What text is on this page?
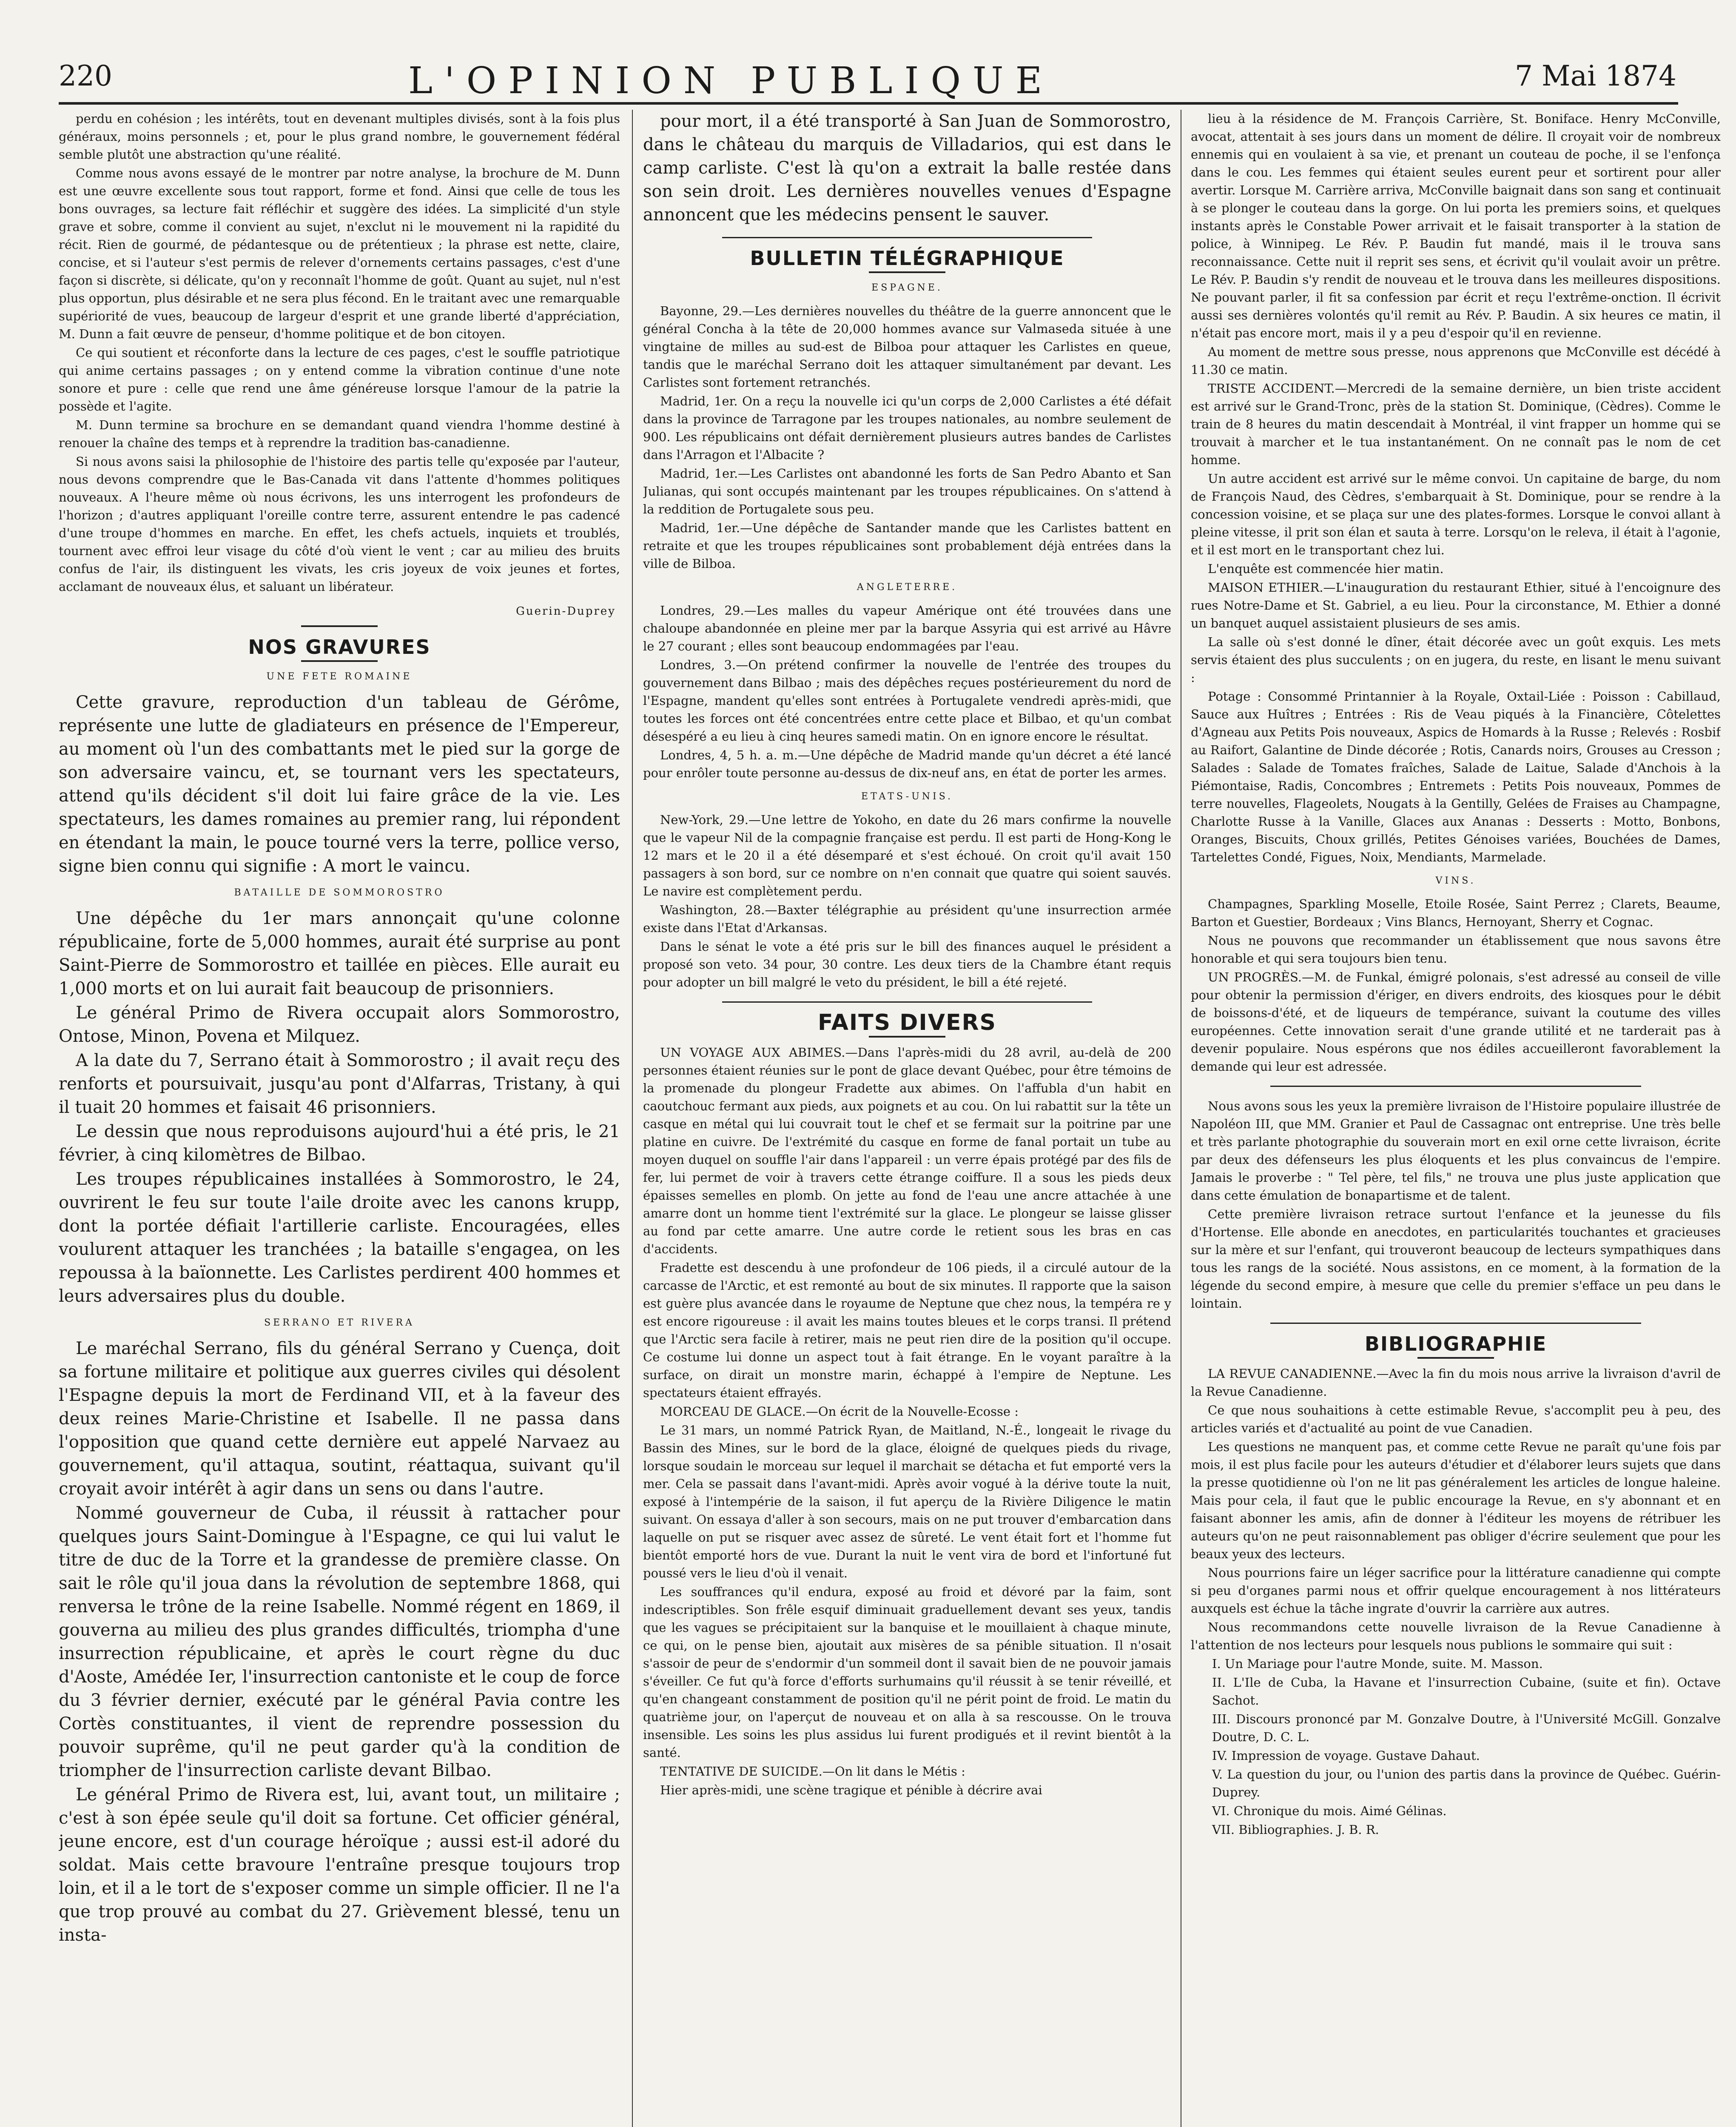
220	L'OPINION PUBLIQUE	7 Mai 1874

perdu en cohésion ; les intérêts, tout en devenant multiples divisés, sont à la fois plus généraux, moins personnels ; et, pour le plus grand nombre, le gouvernement fédéral semble plutôt une abstraction qu'une réalité.

Comme nous avons essayé de le montrer par notre analyse, la brochure de M. Dunn est une œuvre excellente sous tout rapport, forme et fond. Ainsi que celle de tous les bons ouvrages, sa lecture fait réfléchir et suggère des idées. La simplicité d'un style grave et sobre, comme il convient au sujet, n'exclut ni le mouvement ni la rapidité du récit. Rien de gourmé, de pédantesque ou de prétentieux ; la phrase est nette, claire, concise, et si l'auteur s'est permis de relever d'ornements certains passages, c'est d'une façon si discrète, si délicate, qu'on y reconnaît l'homme de goût. Quant au sujet, nul n'est plus opportun, plus désirable et ne sera plus fécond. En le traitant avec une remarquable supériorité de vues, beaucoup de largeur d'esprit et une grande liberté d'appréciation, M. Dunn a fait œuvre de penseur, d'homme politique et de bon citoyen.

Ce qui soutient et réconforte dans la lecture de ces pages, c'est le souffle patriotique qui anime certains passages ; on y entend comme la vibration continue d'une note sonore et pure : celle que rend une âme généreuse lorsque l'amour de la patrie la possède et l'agite.

M. Dunn termine sa brochure en se demandant quand viendra l'homme destiné à renouer la chaîne des temps et à reprendre la tradition bas-canadienne.

Si nous avons saisi la philosophie de l'histoire des partis telle qu'exposée par l'auteur, nous devons comprendre que le Bas-Canada vit dans l'attente d'hommes politiques nouveaux. A l'heure même où nous écrivons, les uns interrogent les profondeurs de l'horizon ; d'autres appliquant l'oreille contre terre, assurent entendre le pas cadencé d'une troupe d'hommes en marche. En effet, les chefs actuels, inquiets et troublés, tournent avec effroi leur visage du côté d'où vient le vent ; car au milieu des bruits confus de l'air, ils distinguent les vivats, les cris joyeux de voix jeunes et fortes, acclamant de nouveaux élus, et saluant un libérateur.

Guerin-Duprey
NOS GRAVURES
UNE FETE ROMAINE

Cette gravure, reproduction d'un tableau de Gérôme, représente une lutte de gladiateurs en présence de l'Empereur, au moment où l'un des combattants met le pied sur la gorge de son adversaire vaincu, et, se tournant vers les spectateurs, attend qu'ils décident s'il doit lui faire grâce de la vie. Les spectateurs, les dames romaines au premier rang, lui répondent en étendant la main, le pouce tourné vers la terre, pollice verso, signe bien connu qui signifie : A mort le vaincu.

BATAILLE DE SOMMOROSTRO

Une dépêche du 1er mars annonçait qu'une colonne républicaine, forte de 5,000 hommes, aurait été surprise au pont Saint-Pierre de Sommorostro et taillée en pièces. Elle aurait eu 1,000 morts et on lui aurait fait beaucoup de prisonniers.

Le général Primo de Rivera occupait alors Sommorostro, Ontose, Minon, Povena et Milquez.

A la date du 7, Serrano était à Sommorostro ; il avait reçu des renforts et poursuivait, jusqu'au pont d'Alfarras, Tristany, à qui il tuait 20 hommes et faisait 46 prisonniers.

Le dessin que nous reproduisons aujourd'hui a été pris, le 21 février, à cinq kilomètres de Bilbao.

Les troupes républicaines installées à Sommorostro, le 24, ouvrirent le feu sur toute l'aile droite avec les canons krupp, dont la portée défiait l'artillerie carliste. Encouragées, elles voulurent attaquer les tranchées ; la bataille s'engagea, on les repoussa à la baïonnette. Les Carlistes perdirent 400 hommes et leurs adversaires plus du double.

SERRANO ET RIVERA

Le maréchal Serrano, fils du général Serrano y Cuença, doit sa fortune militaire et politique aux guerres civiles qui désolent l'Espagne depuis la mort de Ferdinand VII, et à la faveur des deux reines Marie-Christine et Isabelle. Il ne passa dans l'opposition que quand cette dernière eut appelé Narvaez au gouvernement, qu'il attaqua, soutint, réattaqua, suivant qu'il croyait avoir intérêt à agir dans un sens ou dans l'autre.

Nommé gouverneur de Cuba, il réussit à rattacher pour quelques jours Saint-Domingue à l'Espagne, ce qui lui valut le titre de duc de la Torre et la grandesse de première classe. On sait le rôle qu'il joua dans la révolution de septembre 1868, qui renversa le trône de la reine Isabelle. Nommé régent en 1869, il gouverna au milieu des plus grandes difficultés, triompha d'une insurrection républicaine, et après le court règne du duc d'Aoste, Amédée Ier, l'insurrection cantoniste et le coup de force du 3 février dernier, exécuté par le général Pavia contre les Cortès constituantes, il vient de reprendre possession du pouvoir suprême, qu'il ne peut garder qu'à la condition de triompher de l'insurrection carliste devant Bilbao.

Le général Primo de Rivera est, lui, avant tout, un militaire ; c'est à son épée seule qu'il doit sa fortune. Cet officier général, jeune encore, est d'un courage héroïque ; aussi est-il adoré du soldat. Mais cette bravoure l'entraîne presque toujours trop loin, et il a le tort de s'exposer comme un simple officier. Il ne l'a que trop prouvé au combat du 27. Grièvement blessé, tenu un insta-

pour mort, il a été transporté à San Juan de Sommorostro, dans le château du marquis de Villadarios, qui est dans le camp carliste. C'est là qu'on a extrait la balle restée dans son sein droit. Les dernières nouvelles venues d'Espagne annoncent que les médecins pensent le sauver.

BULLETIN TÉLÉGRAPHIQUE
ESPAGNE.

Bayonne, 29.—Les dernières nouvelles du théâtre de la guerre annoncent que le général Concha à la tête de 20,000 hommes avance sur Valmaseda située à une vingtaine de milles au sud-est de Bilboa pour attaquer les Carlistes en queue, tandis que le maréchal Serrano doit les attaquer simultanément par devant. Les Carlistes sont fortement retranchés.

Madrid, 1er. On a reçu la nouvelle ici qu'un corps de 2,000 Carlistes a été défait dans la province de Tarragone par les troupes nationales, au nombre seulement de 900. Les républicains ont défait dernièrement plusieurs autres bandes de Carlistes dans l'Arragon et l'Albacite ?

Madrid, 1er.—Les Carlistes ont abandonné les forts de San Pedro Abanto et San Julianas, qui sont occupés maintenant par les troupes républicaines. On s'attend à la reddition de Portugalete sous peu.

Madrid, 1er.—Une dépêche de Santander mande que les Carlistes battent en retraite et que les troupes républicaines sont probablement déjà entrées dans la ville de Bilboa.

ANGLETERRE.

Londres, 29.—Les malles du vapeur Amérique ont été trouvées dans une chaloupe abandonnée en pleine mer par la barque Assyria qui est arrivé au Hâvre le 27 courant ; elles sont beaucoup endommagées par l'eau.

Londres, 3.—On prétend confirmer la nouvelle de l'entrée des troupes du gouvernement dans Bilbao ; mais des dépêches reçues postérieurement du nord de l'Espagne, mandent qu'elles sont entrées à Portugalete vendredi après-midi, que toutes les forces ont été concentrées entre cette place et Bilbao, et qu'un combat désespéré a eu lieu à cinq heures samedi matin. On en ignore encore le résultat.

Londres, 4, 5 h. a. m.—Une dépêche de Madrid mande qu'un décret a été lancé pour enrôler toute personne au-dessus de dix-neuf ans, en état de porter les armes.

ETATS-UNIS.

New-York, 29.—Une lettre de Yokoho, en date du 26 mars confirme la nouvelle que le vapeur Nil de la compagnie française est perdu. Il est parti de Hong-Kong le 12 mars et le 20 il a été désemparé et s'est échoué. On croit qu'il avait 150 passagers à son bord, sur ce nombre on n'en connait que quatre qui soient sauvés. Le navire est complètement perdu.

Washington, 28.—Baxter télégraphie au président qu'une insurrection armée existe dans l'Etat d'Arkansas.

Dans le sénat le vote a été pris sur le bill des finances auquel le président a proposé son veto. 34 pour, 30 contre. Les deux tiers de la Chambre étant requis pour adopter un bill malgré le veto du président, le bill a été rejeté.

FAITS DIVERS

UN VOYAGE AUX ABIMES.—Dans l'après-midi du 28 avril, au-delà de 200 personnes étaient réunies sur le pont de glace devant Québec, pour être témoins de la promenade du plongeur Fradette aux abimes. On l'affubla d'un habit en caoutchouc fermant aux pieds, aux poignets et au cou. On lui rabattit sur la tête un casque en métal qui lui couvrait tout le chef et se fermait sur la poitrine par une platine en cuivre. De l'extrémité du casque en forme de fanal portait un tube au moyen duquel on souffle l'air dans l'appareil : un verre épais protégé par des fils de fer, lui permet de voir à travers cette étrange coiffure. Il a sous les pieds deux épaisses semelles en plomb. On jette au fond de l'eau une ancre attachée à une amarre dont un homme tient l'extrémité sur la glace. Le plongeur se laisse glisser au fond par cette amarre. Une autre corde le retient sous les bras en cas d'accidents.

Fradette est descendu à une profondeur de 106 pieds, il a circulé autour de la carcasse de l'Arctic, et est remonté au bout de six minutes. Il rapporte que la saison est guère plus avancée dans le royaume de Neptune que chez nous, la tempéra re y est encore rigoureuse : il avait les mains toutes bleues et le corps transi. Il prétend que l'Arctic sera facile à retirer, mais ne peut rien dire de la position qu'il occupe. Ce costume lui donne un aspect tout à fait étrange. En le voyant paraître à la surface, on dirait un monstre marin, échappé à l'empire de Neptune. Les spectateurs étaient effrayés.

MORCEAU DE GLACE.—On écrit de la Nouvelle-Ecosse :

Le 31 mars, un nommé Patrick Ryan, de Maitland, N.-É., longeait le rivage du Bassin des Mines, sur le bord de la glace, éloigné de quelques pieds du rivage, lorsque soudain le morceau sur lequel il marchait se détacha et fut emporté vers la mer. Cela se passait dans l'avant-midi. Après avoir vogué à la dérive toute la nuit, exposé à l'intempérie de la saison, il fut aperçu de la Rivière Diligence le matin suivant. On essaya d'aller à son secours, mais on ne put trouver d'embarcation dans laquelle on put se risquer avec assez de sûreté. Le vent était fort et l'homme fut bientôt emporté hors de vue. Durant la nuit le vent vira de bord et l'infortuné fut poussé vers le lieu d'où il venait.

Les souffrances qu'il endura, exposé au froid et dévoré par la faim, sont indescriptibles. Son frêle esquif diminuait graduellement devant ses yeux, tandis que les vagues se précipitaient sur la banquise et le mouillaient à chaque minute, ce qui, on le pense bien, ajoutait aux misères de sa pénible situation. Il n'osait s'assoir de peur de s'endormir d'un sommeil dont il savait bien de ne pouvoir jamais s'éveiller. Ce fut qu'à force d'efforts surhumains qu'il réussit à se tenir réveillé, et qu'en changeant constamment de position qu'il ne périt point de froid. Le matin du quatrième jour, on l'aperçut de nouveau et on alla à sa rescousse. On le trouva insensible. Les soins les plus assidus lui furent prodigués et il revint bientôt à la santé.

TENTATIVE DE SUICIDE.—On lit dans le Métis :

Hier après-midi, une scène tragique et pénible à décrire avai

lieu à la résidence de M. François Carrière, St. Boniface. Henry McConville, avocat, attentait à ses jours dans un moment de délire. Il croyait voir de nombreux ennemis qui en voulaient à sa vie, et prenant un couteau de poche, il se l'enfonça dans le cou. Les femmes qui étaient seules eurent peur et sortirent pour aller avertir. Lorsque M. Carrière arriva, McConville baignait dans son sang et continuait à se plonger le couteau dans la gorge. On lui porta les premiers soins, et quelques instants après le Constable Power arrivait et le faisait transporter à la station de police, à Winnipeg. Le Rév. P. Baudin fut mandé, mais il le trouva sans reconnaissance. Cette nuit il reprit ses sens, et écrivit qu'il voulait avoir un prêtre. Le Rév. P. Baudin s'y rendit de nouveau et le trouva dans les meilleures dispositions. Ne pouvant parler, il fit sa confession par écrit et reçu l'extrême-onction. Il écrivit aussi ses dernières volontés qu'il remit au Rév. P. Baudin. A six heures ce matin, il n'était pas encore mort, mais il y a peu d'espoir qu'il en revienne.

Au moment de mettre sous presse, nous apprenons que McConville est décédé à 11.30 ce matin.

TRISTE ACCIDENT.—Mercredi de la semaine dernière, un bien triste accident est arrivé sur le Grand-Tronc, près de la station St. Dominique, (Cèdres). Comme le train de 8 heures du matin descendait à Montréal, il vint frapper un homme qui se trouvait à marcher et le tua instantanément. On ne connaît pas le nom de cet homme.

Un autre accident est arrivé sur le même convoi. Un capitaine de barge, du nom de François Naud, des Cèdres, s'embarquait à St. Dominique, pour se rendre à la concession voisine, et se plaça sur une des plates-formes. Lorsque le convoi allant à pleine vitesse, il prit son élan et sauta à terre. Lorsqu'on le releva, il était à l'agonie, et il est mort en le transportant chez lui.

L'enquête est commencée hier matin.

MAISON ETHIER.—L'inauguration du restaurant Ethier, situé à l'encoignure des rues Notre-Dame et St. Gabriel, a eu lieu. Pour la circonstance, M. Ethier a donné un banquet auquel assistaient plusieurs de ses amis.

La salle où s'est donné le dîner, était décorée avec un goût exquis. Les mets servis étaient des plus succulents ; on en jugera, du reste, en lisant le menu suivant :

Potage : Consommé Printannier à la Royale, Oxtail-Liée : Poisson : Cabillaud, Sauce aux Huîtres ; Entrées : Ris de Veau piqués à la Financière, Côtelettes d'Agneau aux Petits Pois nouveaux, Aspics de Homards à la Russe ; Relevés : Rosbif au Raifort, Galantine de Dinde décorée ; Rotis, Canards noirs, Grouses au Cresson ; Salades : Salade de Tomates fraîches, Salade de Laitue, Salade d'Anchois à la Piémontaise, Radis, Concombres ; Entremets : Petits Pois nouveaux, Pommes de terre nouvelles, Flageolets, Nougats à la Gentilly, Gelées de Fraises au Champagne, Charlotte Russe à la Vanille, Glaces aux Ananas : Desserts : Motto, Bonbons, Oranges, Biscuits, Choux grillés, Petites Génoises variées, Bouchées de Dames, Tartelettes Condé, Figues, Noix, Mendiants, Marmelade.

VINS.

Champagnes, Sparkling Moselle, Etoile Rosée, Saint Perrez ; Clarets, Beaume, Barton et Guestier, Bordeaux ; Vins Blancs, Hernoyant, Sherry et Cognac.

Nous ne pouvons que recommander un établissement que nous savons être honorable et qui sera toujours bien tenu.

UN PROGRÈS.—M. de Funkal, émigré polonais, s'est adressé au conseil de ville pour obtenir la permission d'ériger, en divers endroits, des kiosques pour le débit de boissons-d'été, et de liqueurs de tempérance, suivant la coutume des villes européennes. Cette innovation serait d'une grande utilité et ne tarderait pas à devenir populaire. Nous espérons que nos édiles accueilleront favorablement la demande qui leur est adressée.

Nous avons sous les yeux la première livraison de l'Histoire populaire illustrée de Napoléon III, que MM. Granier et Paul de Cassagnac ont entreprise. Une très belle et très parlante photographie du souverain mort en exil orne cette livraison, écrite par deux des défenseurs les plus éloquents et les plus convaincus de l'empire. Jamais le proverbe : " Tel père, tel fils," ne trouva une plus juste application que dans cette émulation de bonapartisme et de talent.

Cette première livraison retrace surtout l'enfance et la jeunesse du fils d'Hortense. Elle abonde en anecdotes, en particularités touchantes et gracieuses sur la mère et sur l'enfant, qui trouveront beaucoup de lecteurs sympathiques dans tous les rangs de la société. Nous assistons, en ce moment, à la formation de la légende du second empire, à mesure que celle du premier s'efface un peu dans le lointain.

BIBLIOGRAPHIE

LA REVUE CANADIENNE.—Avec la fin du mois nous arrive la livraison d'avril de la Revue Canadienne.

Ce que nous souhaitions à cette estimable Revue, s'accomplit peu à peu, des articles variés et d'actualité au point de vue Canadien.

Les questions ne manquent pas, et comme cette Revue ne paraît qu'une fois par mois, il est plus facile pour les auteurs d'étudier et d'élaborer leurs sujets que dans la presse quotidienne où l'on ne lit pas généralement les articles de longue haleine. Mais pour cela, il faut que le public encourage la Revue, en s'y abonnant et en faisant abonner les amis, afin de donner à l'éditeur les moyens de rétribuer les auteurs qu'on ne peut raisonnablement pas obliger d'écrire seulement que pour les beaux yeux des lecteurs.

Nous pourrions faire un léger sacrifice pour la littérature canadienne qui compte si peu d'organes parmi nous et offrir quelque encouragement à nos littérateurs auxquels est échue la tâche ingrate d'ouvrir la carrière aux autres.

Nous recommandons cette nouvelle livraison de la Revue Canadienne à l'attention de nos lecteurs pour lesquels nous publions le sommaire qui suit :

I. Un Mariage pour l'autre Monde, suite. M. Masson.

II. L'Ile de Cuba, la Havane et l'insurrection Cubaine, (suite et fin). Octave Sachot.

III. Discours prononcé par M. Gonzalve Doutre, à l'Université McGill. Gonzalve Doutre, D. C. L.

IV. Impression de voyage. Gustave Dahaut.

V. La question du jour, ou l'union des partis dans la province de Québec. Guérin-Duprey.

VI. Chronique du mois. Aimé Gélinas.

VII. Bibliographies. J. B. R.
